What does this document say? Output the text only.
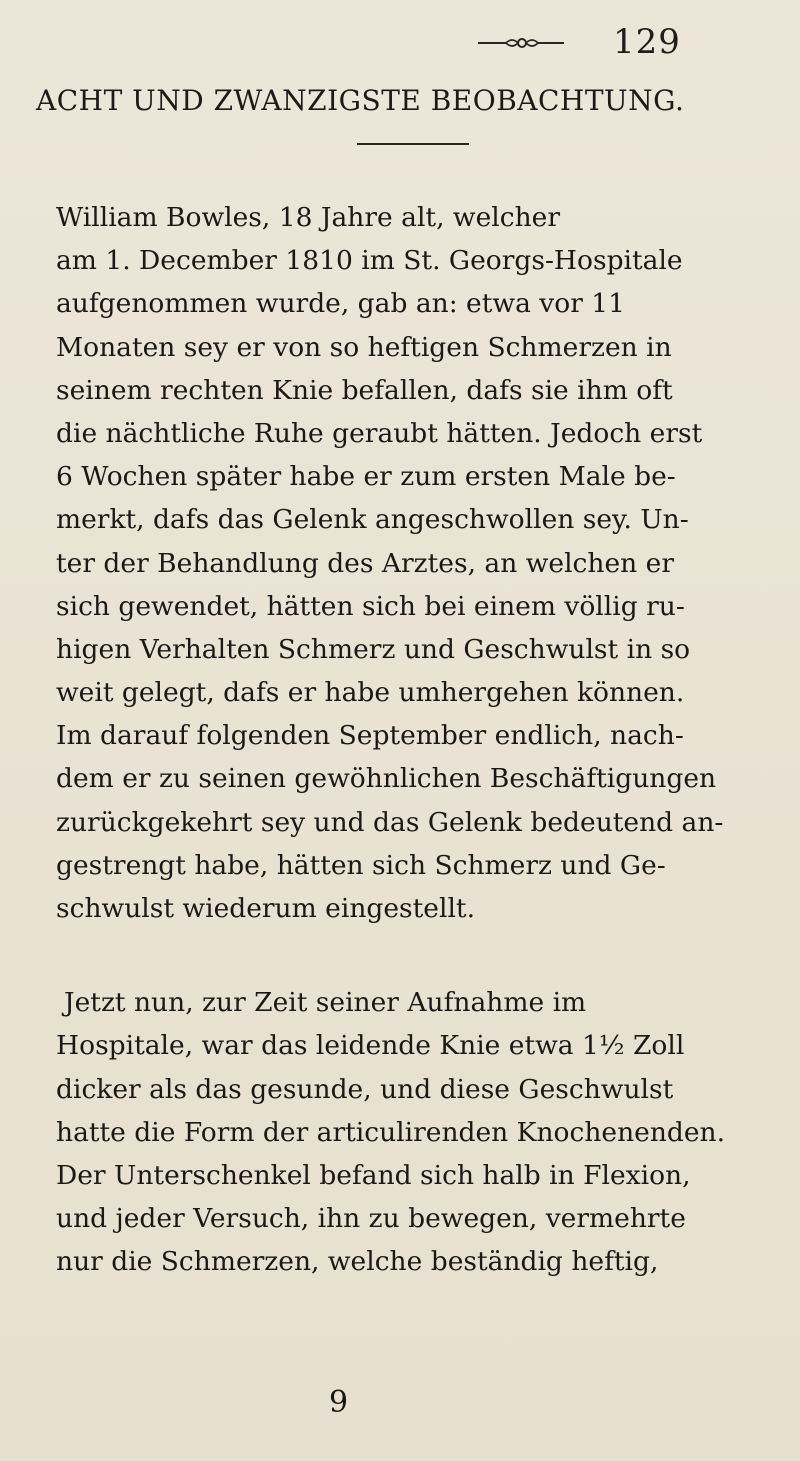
129
ACHT UND ZWANZIGSTE BEOBACHTUNG.
William Bowles, 18 Jahre alt, welcher
am 1. December 1810 im St. Georgs-Hospitale
aufgenommen wurde, gab an: etwa vor 11
Monaten sey er von so heftigen Schmerzen in
seinem rechten Knie befallen, dafs sie ihm oft
die nächtliche Ruhe geraubt hätten. Jedoch erst
6 Wochen später habe er zum ersten Male be-
merkt, dafs das Gelenk angeschwollen sey. Un-
ter der Behandlung des Arztes, an welchen er
sich gewendet, hätten sich bei einem völlig ru-
higen Verhalten Schmerz und Geschwulst in so
weit gelegt, dafs er habe umhergehen können.
Im darauf folgenden September endlich, nach-
dem er zu seinen gewöhnlichen Beschäftigungen
zurückgekehrt sey und das Gelenk bedeutend an-
gestrengt habe, hätten sich Schmerz und Ge-
schwulst wiederum eingestellt.
Jetzt nun, zur Zeit seiner Aufnahme im
Hospitale, war das leidende Knie etwa 1½ Zoll
dicker als das gesunde, und diese Geschwulst
hatte die Form der articulirenden Knochenenden.
Der Unterschenkel befand sich halb in Flexion,
und jeder Versuch, ihn zu bewegen, vermehrte
nur die Schmerzen, welche beständig heftig,
9
